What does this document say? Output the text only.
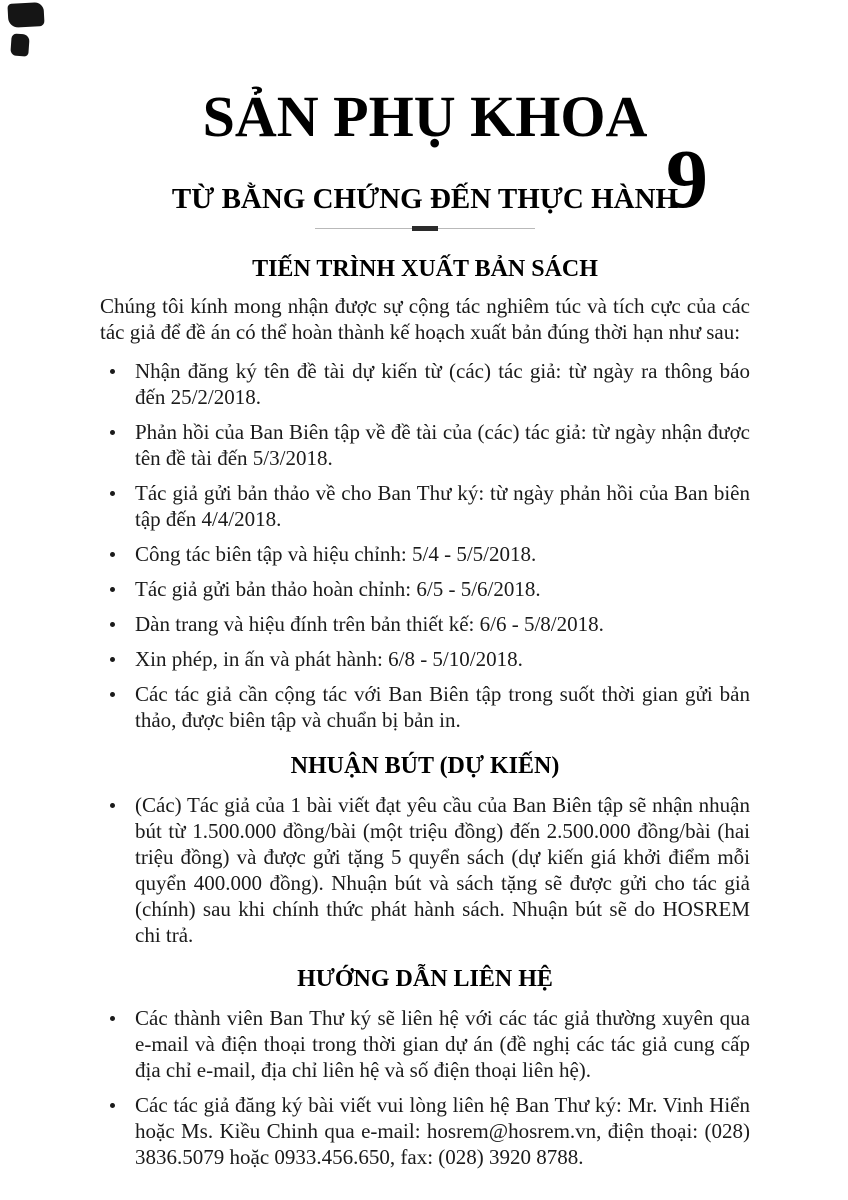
SẢN PHỤ KHOA
TỪ BẰNG CHỨNG ĐẾN THỰC HÀNH
9
TIẾN TRÌNH XUẤT BẢN SÁCH

Chúng tôi kính mong nhận được sự cộng tác nghiêm túc và tích cực của các tác giả để đề án có thể hoàn thành kế hoạch xuất bản đúng thời hạn như sau:

Nhận đăng ký tên đề tài dự kiến từ (các) tác giả: từ ngày ra thông báo đến 25/2/2018.
Phản hồi của Ban Biên tập về đề tài của (các) tác giả: từ ngày nhận được tên đề tài đến 5/3/2018.
Tác giả gửi bản thảo về cho Ban Thư ký: từ ngày phản hồi của Ban biên tập đến 4/4/2018.
Công tác biên tập và hiệu chỉnh: 5/4 - 5/5/2018.
Tác giả gửi bản thảo hoàn chỉnh: 6/5 - 5/6/2018.
Dàn trang và hiệu đính trên bản thiết kế: 6/6 - 5/8/2018.
Xin phép, in ấn và phát hành: 6/8 - 5/10/2018.
Các tác giả cần cộng tác với Ban Biên tập trong suốt thời gian gửi bản thảo, được biên tập và chuẩn bị bản in.
NHUẬN BÚT (DỰ KIẾN)
(Các) Tác giả của 1 bài viết đạt yêu cầu của Ban Biên tập sẽ nhận nhuận bút từ 1.500.000 đồng/bài (một triệu đồng) đến 2.500.000 đồng/bài (hai triệu đồng) và được gửi tặng 5 quyển sách (dự kiến giá khởi điểm mỗi quyển 400.000 đồng). Nhuận bút và sách tặng sẽ được gửi cho tác giả (chính) sau khi chính thức phát hành sách. Nhuận bút sẽ do HOSREM chi trả.
HƯỚNG DẪN LIÊN HỆ
Các thành viên Ban Thư ký sẽ liên hệ với các tác giả thường xuyên qua e-mail và điện thoại trong thời gian dự án (đề nghị các tác giả cung cấp địa chỉ e-mail, địa chỉ liên hệ và số điện thoại liên hệ).
Các tác giả đăng ký bài viết vui lòng liên hệ Ban Thư ký: Mr. Vinh Hiển hoặc Ms. Kiều Chinh qua e-mail: hosrem@hosrem.vn, điện thoại: (028) 3836.5079 hoặc 0933.456.650, fax: (028) 3920 8788.
